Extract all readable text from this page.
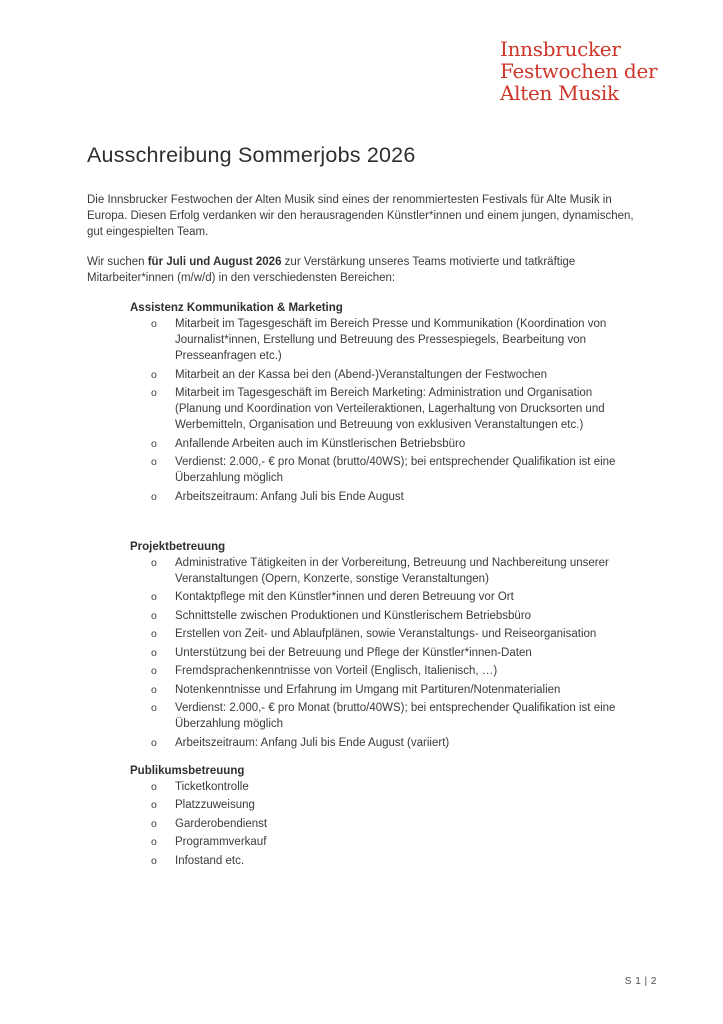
Innsbrucker
Festwochen der
Alten Musik
Ausschreibung Sommerjobs 2026

Die Innsbrucker Festwochen der Alten Musik sind eines der renommiertesten Festivals für Alte Musik in Europa. Diesen Erfolg verdanken wir den herausragenden Künstler*innen und einem jungen, dynamischen, gut eingespielten Team.

Wir suchen für Juli und August 2026 zur Verstärkung unseres Teams motivierte und tatkräftige Mitarbeiter*innen (m/w/d) in den verschiedensten Bereichen:

Assistenz Kommunikation & Marketing
o Mitarbeit im Tagesgeschäft im Bereich Presse und Kommunikation (Koordination von Journalist*innen, Erstellung und Betreuung des Pressespiegels, Bearbeitung von Presseanfragen etc.)
o Mitarbeit an der Kassa bei den (Abend-)Veranstaltungen der Festwochen
o Mitarbeit im Tagesgeschäft im Bereich Marketing: Administration und Organisation (Planung und Koordination von Verteileraktionen, Lagerhaltung von Drucksorten und Werbemitteln, Organisation und Betreuung von exklusiven Veranstaltungen etc.)
o Anfallende Arbeiten auch im Künstlerischen Betriebsbüro
o Verdienst: 2.000,- € pro Monat (brutto/40WS); bei entsprechender Qualifikation ist eine Überzahlung möglich
o Arbeitszeitraum: Anfang Juli bis Ende August
Projektbetreuung
o Administrative Tätigkeiten in der Vorbereitung, Betreuung und Nachbereitung unserer Veranstaltungen (Opern, Konzerte, sonstige Veranstaltungen)
o Kontaktpflege mit den Künstler*innen und deren Betreuung vor Ort
o Schnittstelle zwischen Produktionen und Künstlerischem Betriebsbüro
o Erstellen von Zeit- und Ablaufplänen, sowie Veranstaltungs- und Reiseorganisation
o Unterstützung bei der Betreuung und Pflege der Künstler*innen-Daten
o Fremdsprachenkenntnisse von Vorteil (Englisch, Italienisch, …)
o Notenkenntnisse und Erfahrung im Umgang mit Partituren/Notenmaterialien
o Verdienst: 2.000,- € pro Monat (brutto/40WS); bei entsprechender Qualifikation ist eine Überzahlung möglich
o Arbeitszeitraum: Anfang Juli bis Ende August (variiert)
Publikumsbetreuung
o Ticketkontrolle
o Platzzuweisung
o Garderobendienst
o Programmverkauf
o Infostand etc.
S 1 | 2
